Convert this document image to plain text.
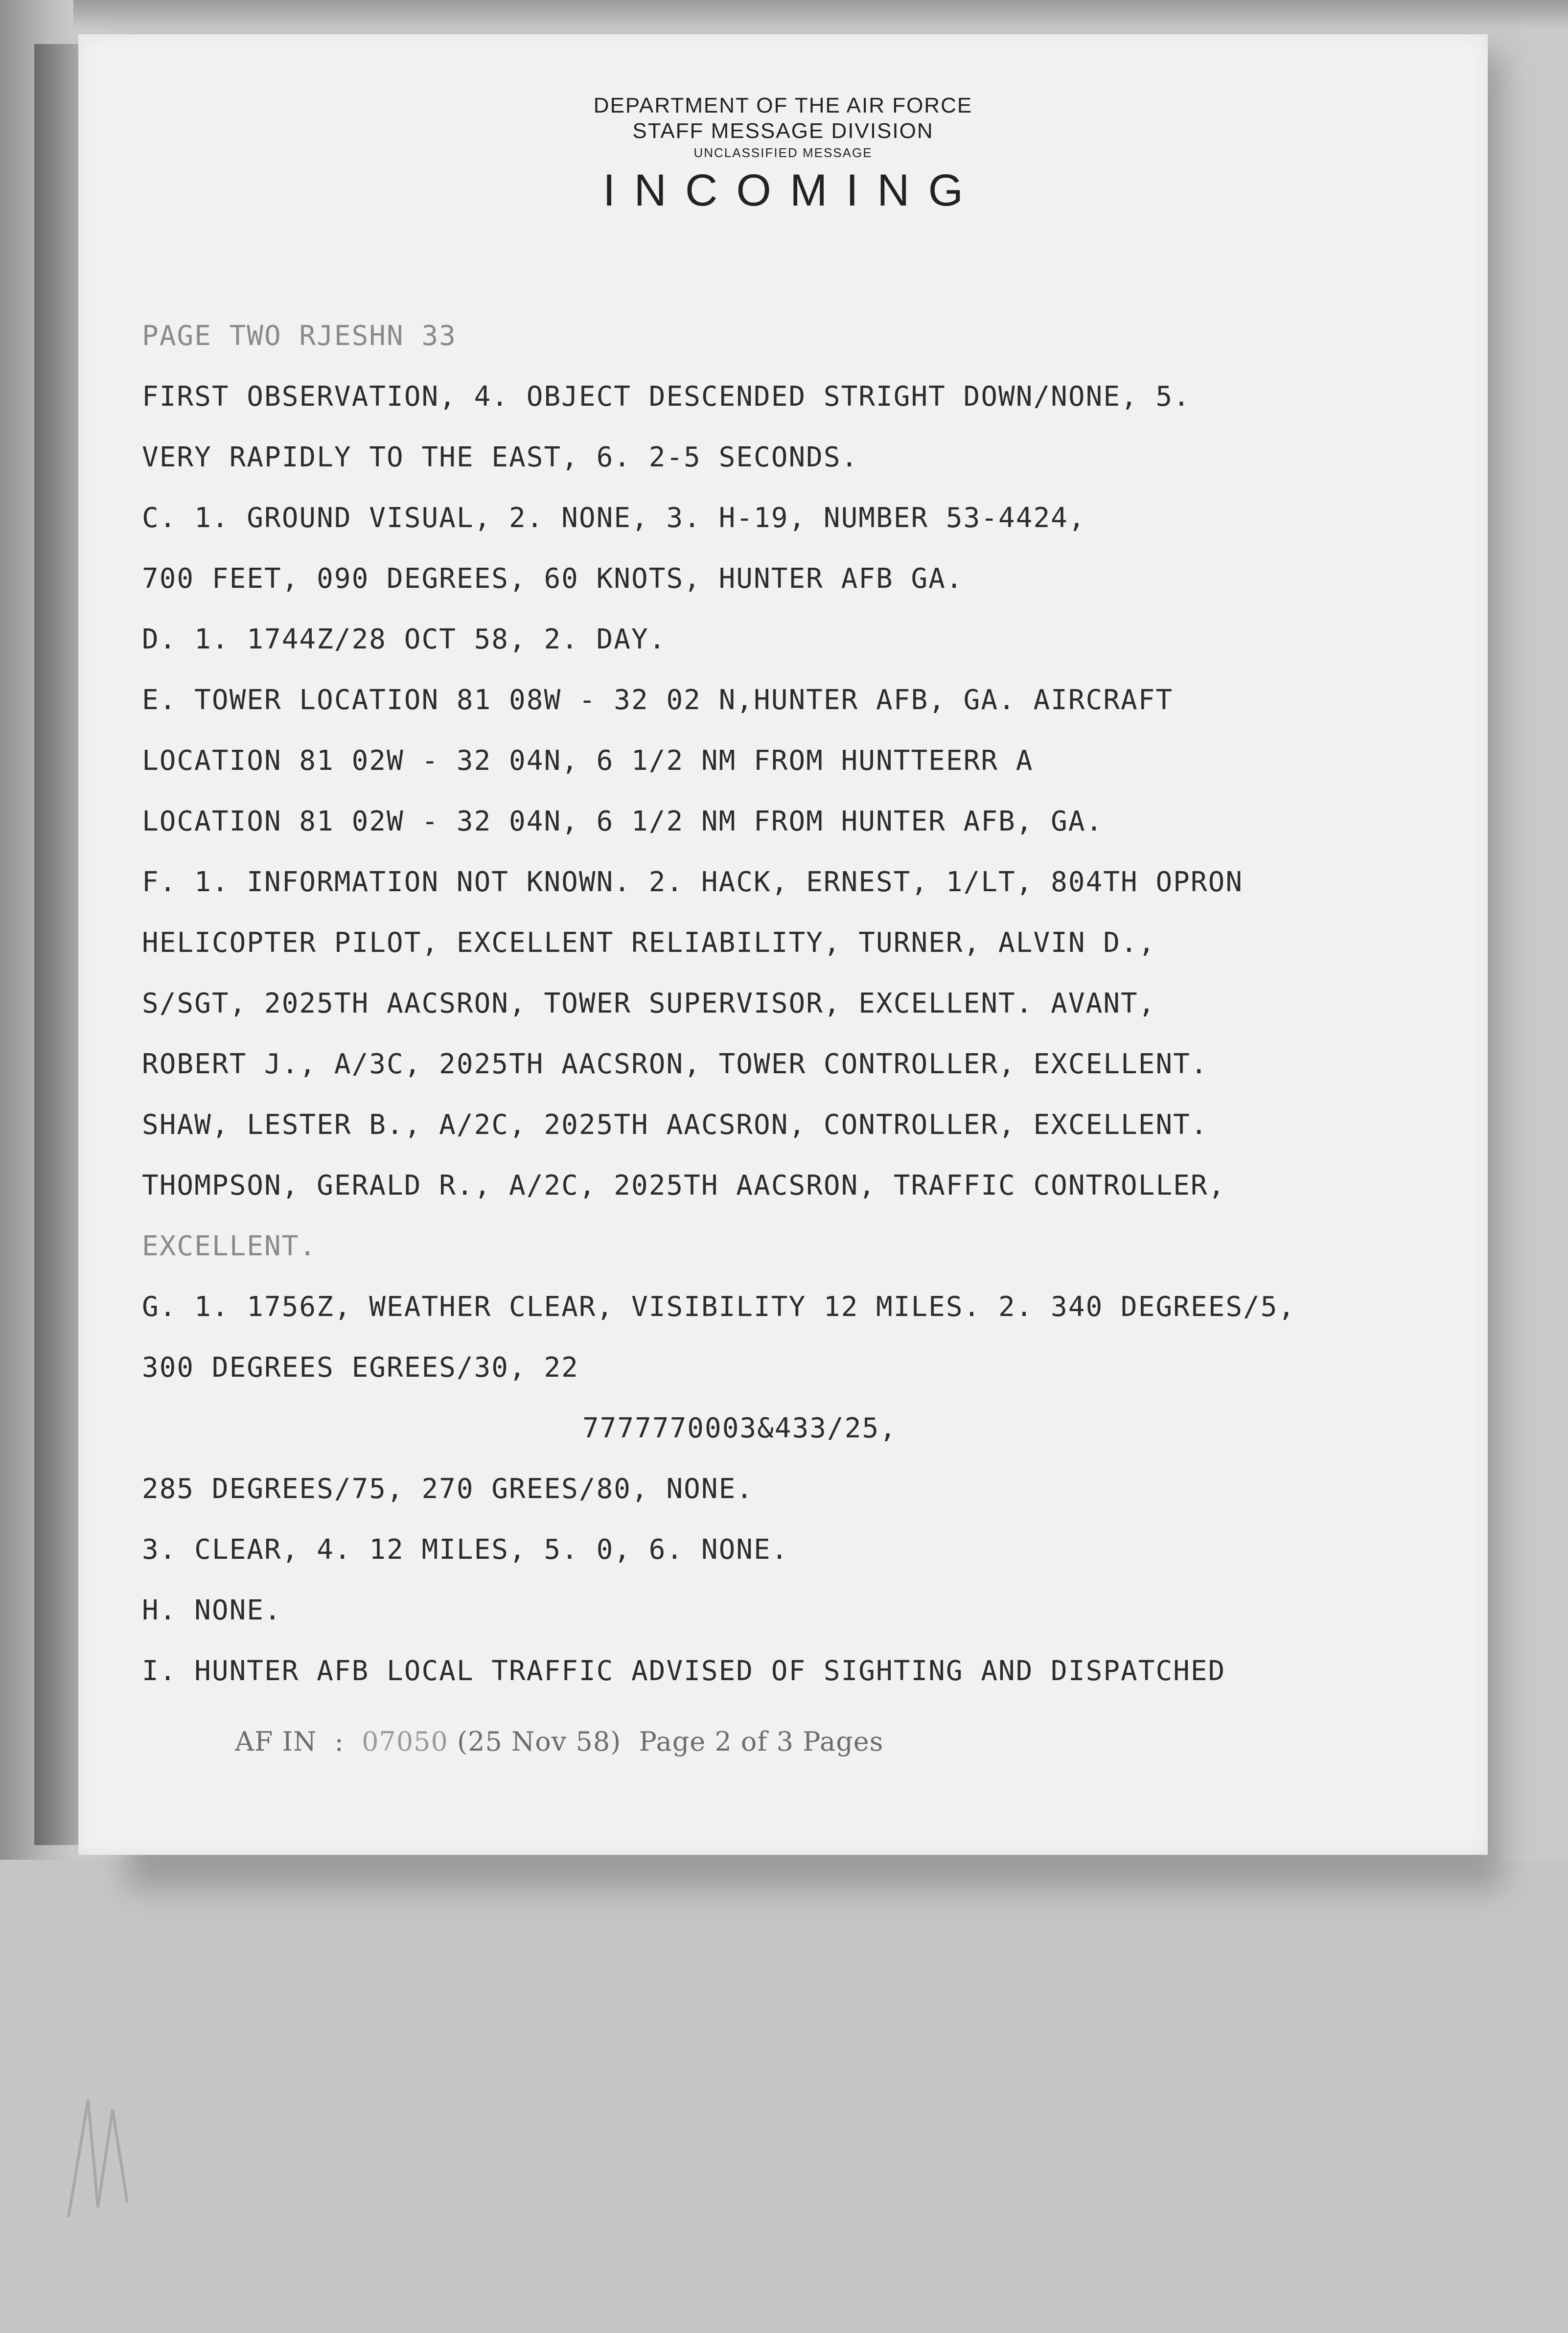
DEPARTMENT OF THE AIR FORCE
STAFF MESSAGE DIVISION
UNCLASSIFIED MESSAGE
INCOMING
PAGE TWO RJESHN 33
FIRST OBSERVATION, 4. OBJECT DESCENDED STRIGHT DOWN/NONE, 5.
VERY RAPIDLY TO THE EAST, 6. 2-5 SECONDS.
C. 1. GROUND VISUAL, 2. NONE, 3. H-19, NUMBER 53-4424,
700 FEET, 090 DEGREES, 60 KNOTS, HUNTER AFB GA.
D. 1. 1744Z/28 OCT 58, 2. DAY.
E. TOWER LOCATION 81 08W - 32 02 N,HUNTER AFB, GA. AIRCRAFT
LOCATION 81 02W - 32 04N, 6 1/2 NM FROM HUNTTEERR A
LOCATION 81 02W - 32 04N, 6 1/2 NM FROM HUNTER AFB, GA.
F. 1. INFORMATION NOT KNOWN. 2. HACK, ERNEST, 1/LT, 804TH OPRON
HELICOPTER PILOT, EXCELLENT RELIABILITY, TURNER, ALVIN D.,
S/SGT, 2025TH AACSRON, TOWER SUPERVISOR, EXCELLENT. AVANT,
ROBERT J., A/3C, 2025TH AACSRON, TOWER CONTROLLER, EXCELLENT.
SHAW, LESTER B., A/2C, 2025TH AACSRON, CONTROLLER, EXCELLENT.
THOMPSON, GERALD R., A/2C, 2025TH AACSRON, TRAFFIC CONTROLLER,
EXCELLENT.
G. 1. 1756Z, WEATHER CLEAR, VISIBILITY 12 MILES. 2. 340 DEGREES/5,
300 DEGREES EGREES/30, 22
7777770003&433/25,
285 DEGREES/75, 270 GREES/80, NONE.
3. CLEAR, 4. 12 MILES, 5. 0, 6. NONE.
H. NONE.
I. HUNTER AFB LOCAL TRAFFIC ADVISED OF SIGHTING AND DISPATCHED
AF IN : 07050 (25 Nov 58) Page 2 of 3 Pages
